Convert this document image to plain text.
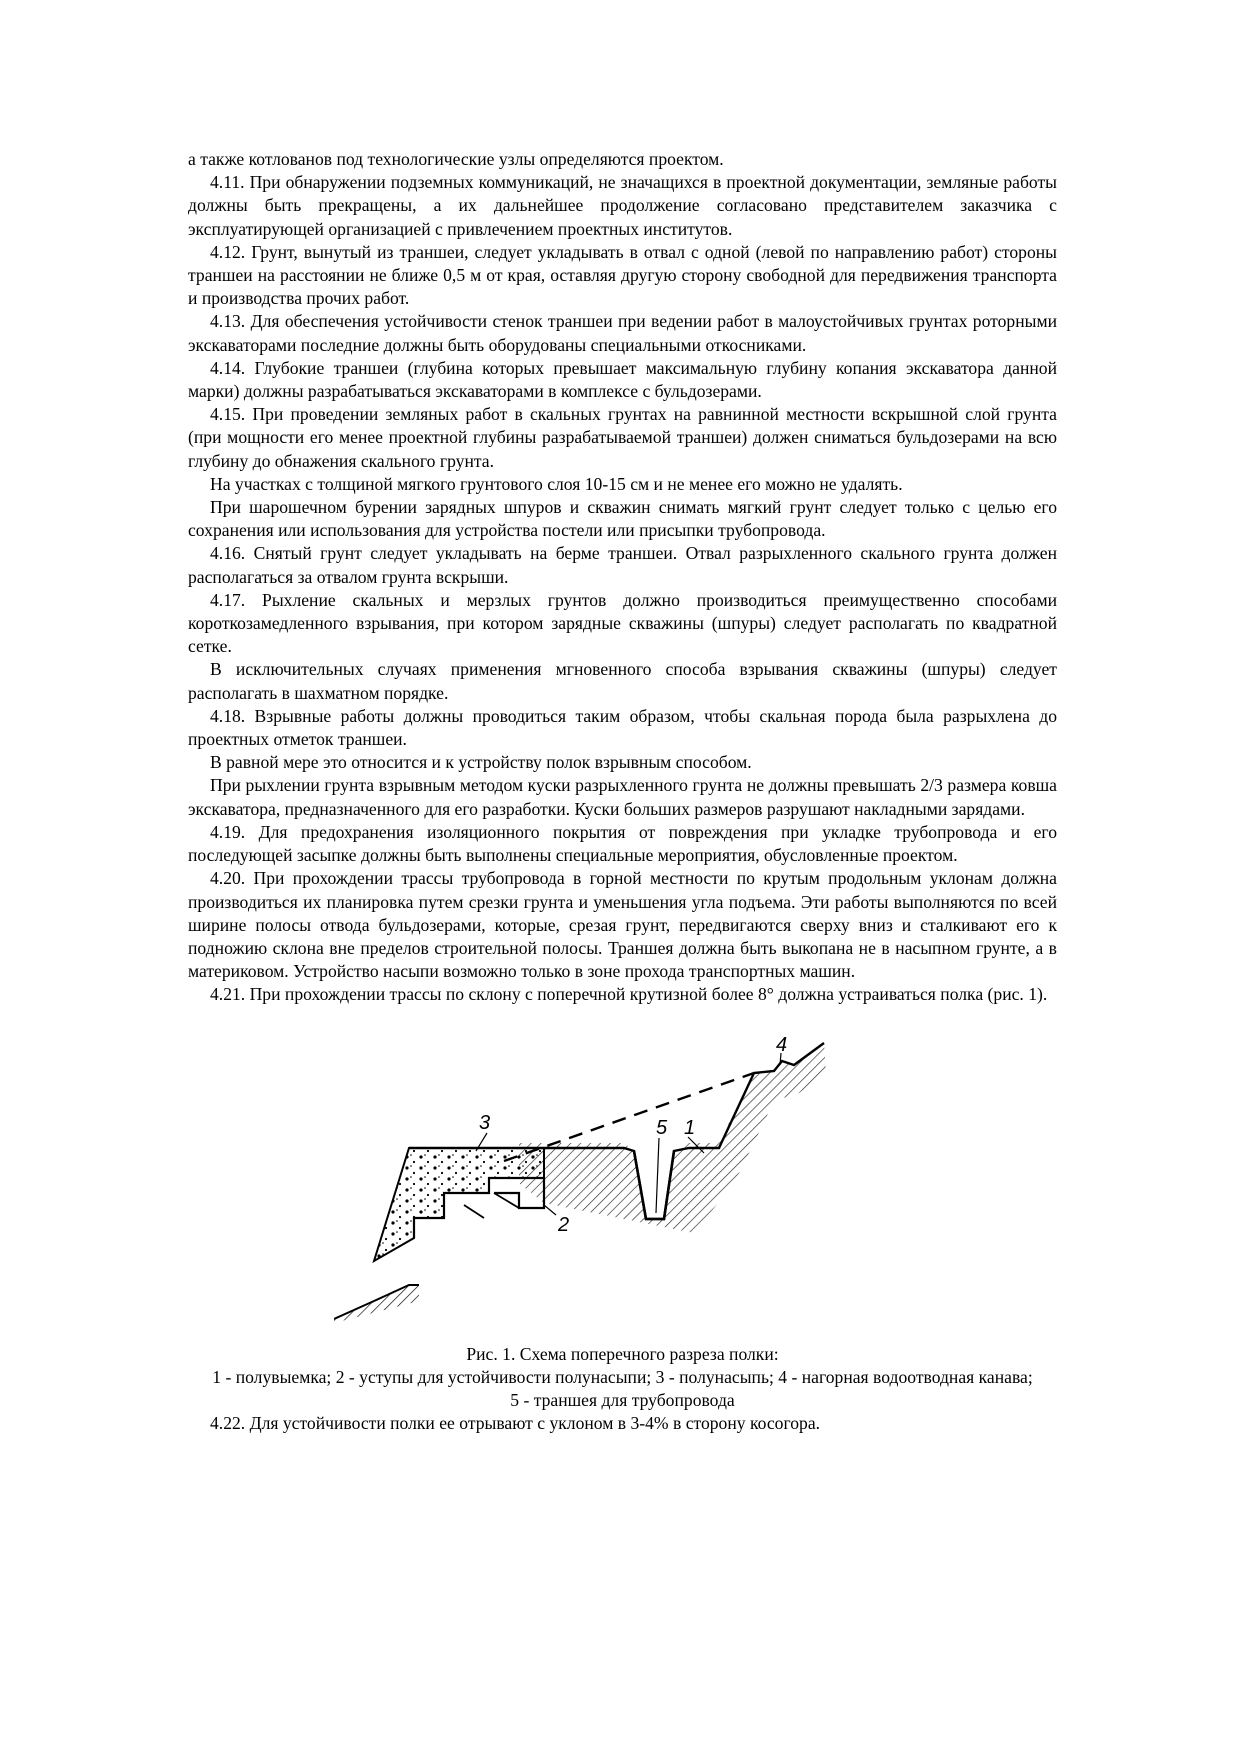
а также котлованов под технологические узлы определяются проектом.

4.11. При обнаружении подземных коммуникаций, не значащихся в проектной документации, земляные работы должны быть прекращены, а их дальнейшее продолжение согласовано представителем заказчика с эксплуатирующей организацией с привлечением проектных институтов.

4.12. Грунт, вынутый из траншеи, следует укладывать в отвал с одной (левой по направлению работ) стороны траншеи на расстоянии не ближе 0,5 м от края, оставляя другую сторону свободной для передвижения транспорта и производства прочих работ.

4.13. Для обеспечения устойчивости стенок траншеи при ведении работ в малоустойчивых грунтах роторными экскаваторами последние должны быть оборудованы специальными откосниками.

4.14. Глубокие траншеи (глубина которых превышает максимальную глубину копания экскаватора данной марки) должны разрабатываться экскаваторами в комплексе с бульдозерами.

4.15. При проведении земляных работ в скальных грунтах на равнинной местности вскрышной слой грунта (при мощности его менее проектной глубины разрабатываемой траншеи) должен сниматься бульдозерами на всю глубину до обнажения скального грунта.

На участках с толщиной мягкого грунтового слоя 10-15 см и не менее его можно не удалять.

При шарошечном бурении зарядных шпуров и скважин снимать мягкий грунт следует только с целью его сохранения или использования для устройства постели или присыпки трубопровода.

4.16. Снятый грунт следует укладывать на берме траншеи. Отвал разрыхленного скального грунта должен располагаться за отвалом грунта вскрыши.

4.17. Рыхление скальных и мерзлых грунтов должно производиться преимущественно способами короткозамедленного взрывания, при котором зарядные скважины (шпуры) следует располагать по квадратной сетке.

В исключительных случаях применения мгновенного способа взрывания скважины (шпуры) следует располагать в шахматном порядке.

4.18. Взрывные работы должны проводиться таким образом, чтобы скальная порода была разрыхлена до проектных отметок траншеи.

В равной мере это относится и к устройству полок взрывным способом.

При рыхлении грунта взрывным методом куски разрыхленного грунта не должны превышать 2/3 размера ковша экскаватора, предназначенного для его разработки. Куски больших размеров разрушают накладными зарядами.

4.19. Для предохранения изоляционного покрытия от повреждения при укладке трубопровода и его последующей засыпке должны быть выполнены специальные мероприятия, обусловленные проектом.

4.20. При прохождении трассы трубопровода в горной местности по крутым продольным уклонам должна производиться их планировка путем срезки грунта и уменьшения угла подъема. Эти работы выполняются по всей ширине полосы отвода бульдозерами, которые, срезая грунт, передвигаются сверху вниз и сталкивают его к подножию склона вне пределов строительной полосы. Траншея должна быть выкопана не в насыпном грунте, а в материковом. Устройство насыпи возможно только в зоне прохода транспортных машин.

4.21. При прохождении трассы по склону с поперечной крутизной более 8° должна устраиваться полка (рис. 1).

3	5 1
4
2
Рис. 1. Схема поперечного разреза полки:
1 - полувыемка; 2 - уступы для устойчивости полунасыпи; 3 - полунасыпь; 4 - нагорная водоотводная канава;
5 - траншея для трубопровода

4.22. Для устойчивости полки ее отрывают с уклоном в 3-4% в сторону косогора.
